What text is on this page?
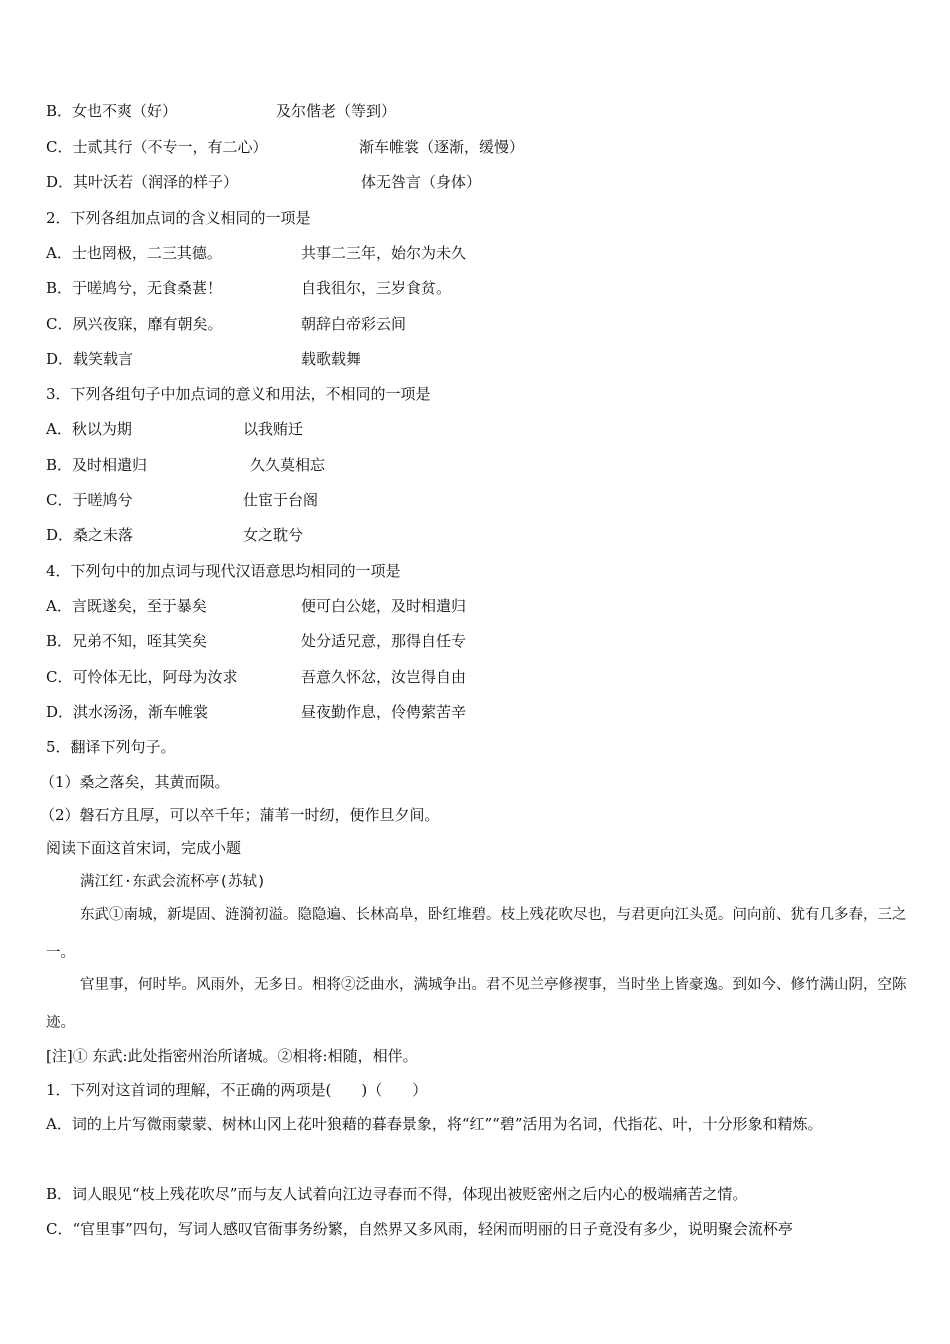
B．女也不爽（好）	及尔偕老（等到）
C．士贰其行（不专一，有二心）	渐车帷裳（逐渐，缓慢）
D．其叶沃若（润泽的样子）	体无咎言（身体）
2．下列各组加点词的含义相同的一项是
A．士也罔极，二三其德。	共事二三年，始尔为未久
B．于嗟鸠兮，无食桑葚！	自我徂尔，三岁食贫。
C．夙兴夜寐，靡有朝矣。	朝辞白帝彩云间
D．载笑载言	载歌载舞
3．下列各组句子中加点词的意义和用法，不相同的一项是
A．秋以为期	以我贿迁
B．及时相遣归	久久莫相忘
C．于嗟鸠兮	仕宦于台阁
D．桑之未落	女之耽兮
4．下列句中的加点词与现代汉语意思均相同的一项是
A．言既遂矣，至于暴矣	便可白公姥，及时相遣归
B．兄弟不知，咥其笑矣	处分适兄意，那得自任专
C．可怜体无比，阿母为汝求	吾意久怀忿，汝岂得自由
D．淇水汤汤，渐车帷裳	昼夜勤作息，伶俜萦苦辛
5．翻译下列句子。
（1）桑之落矣，其黄而陨。
（2）磐石方且厚，可以卒千年；蒲苇一时纫，便作旦夕间。
阅读下面这首宋词，完成小题
满江红·东武会流杯亭(苏轼)
东武①南城，新堤固、涟漪初溢。隐隐遍、长林高阜，卧红堆碧。枝上残花吹尽也，与君更向江头觅。问向前、犹有几多春，三之一。
官里事，何时毕。风雨外，无多日。相将②泛曲水，满城争出。君不见兰亭修禊事，当时坐上皆豪逸。到如今、修竹满山阴，空陈迹。
[注]① 东武:此处指密州治所诸城。②相将:相随，相伴。
1．下列对这首词的理解，不正确的两项是(　　)（　　）
A．词的上片写微雨蒙蒙、树林山冈上花叶狼藉的暮春景象，将“红”“碧”活用为名词，代指花、叶，十分形象和精炼。
B．词人眼见“枝上残花吹尽”而与友人试着向江边寻春而不得，体现出被贬密州之后内心的极端痛苦之情。
C．“官里事”四句，写词人感叹官衙事务纷繁，自然界又多风雨，轻闲而明丽的日子竟没有多少，说明聚会流杯亭
